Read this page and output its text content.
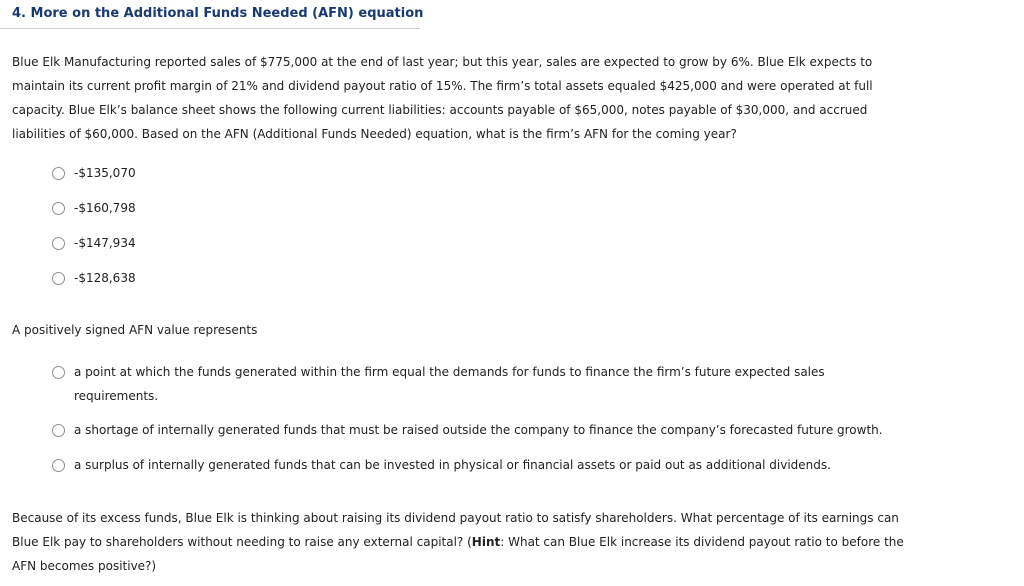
4. More on the Additional Funds Needed (AFN) equation
Blue Elk Manufacturing reported sales of $775,000 at the end of last year; but this year, sales are expected to grow by 6%. Blue Elk expects to maintain its current profit margin of 21% and dividend payout ratio of 15%. The firm’s total assets equaled $425,000 and were operated at full capacity. Blue Elk’s balance sheet shows the following current liabilities: accounts payable of $65,000, notes payable of $30,000, and accrued liabilities of $60,000. Based on the AFN (Additional Funds Needed) equation, what is the firm’s AFN for the coming year?
-$135,070
-$160,798
-$147,934
-$128,638
A positively signed AFN value represents
a point at which the funds generated within the firm equal the demands for funds to finance the firm’s future expected sales requirements.
a shortage of internally generated funds that must be raised outside the company to finance the company’s forecasted future growth.
a surplus of internally generated funds that can be invested in physical or financial assets or paid out as additional dividends.
Because of its excess funds, Blue Elk is thinking about raising its dividend payout ratio to satisfy shareholders. What percentage of its earnings can Blue Elk pay to shareholders without needing to raise any external capital? (Hint: What can Blue Elk increase its dividend payout ratio to before the AFN becomes positive?)
